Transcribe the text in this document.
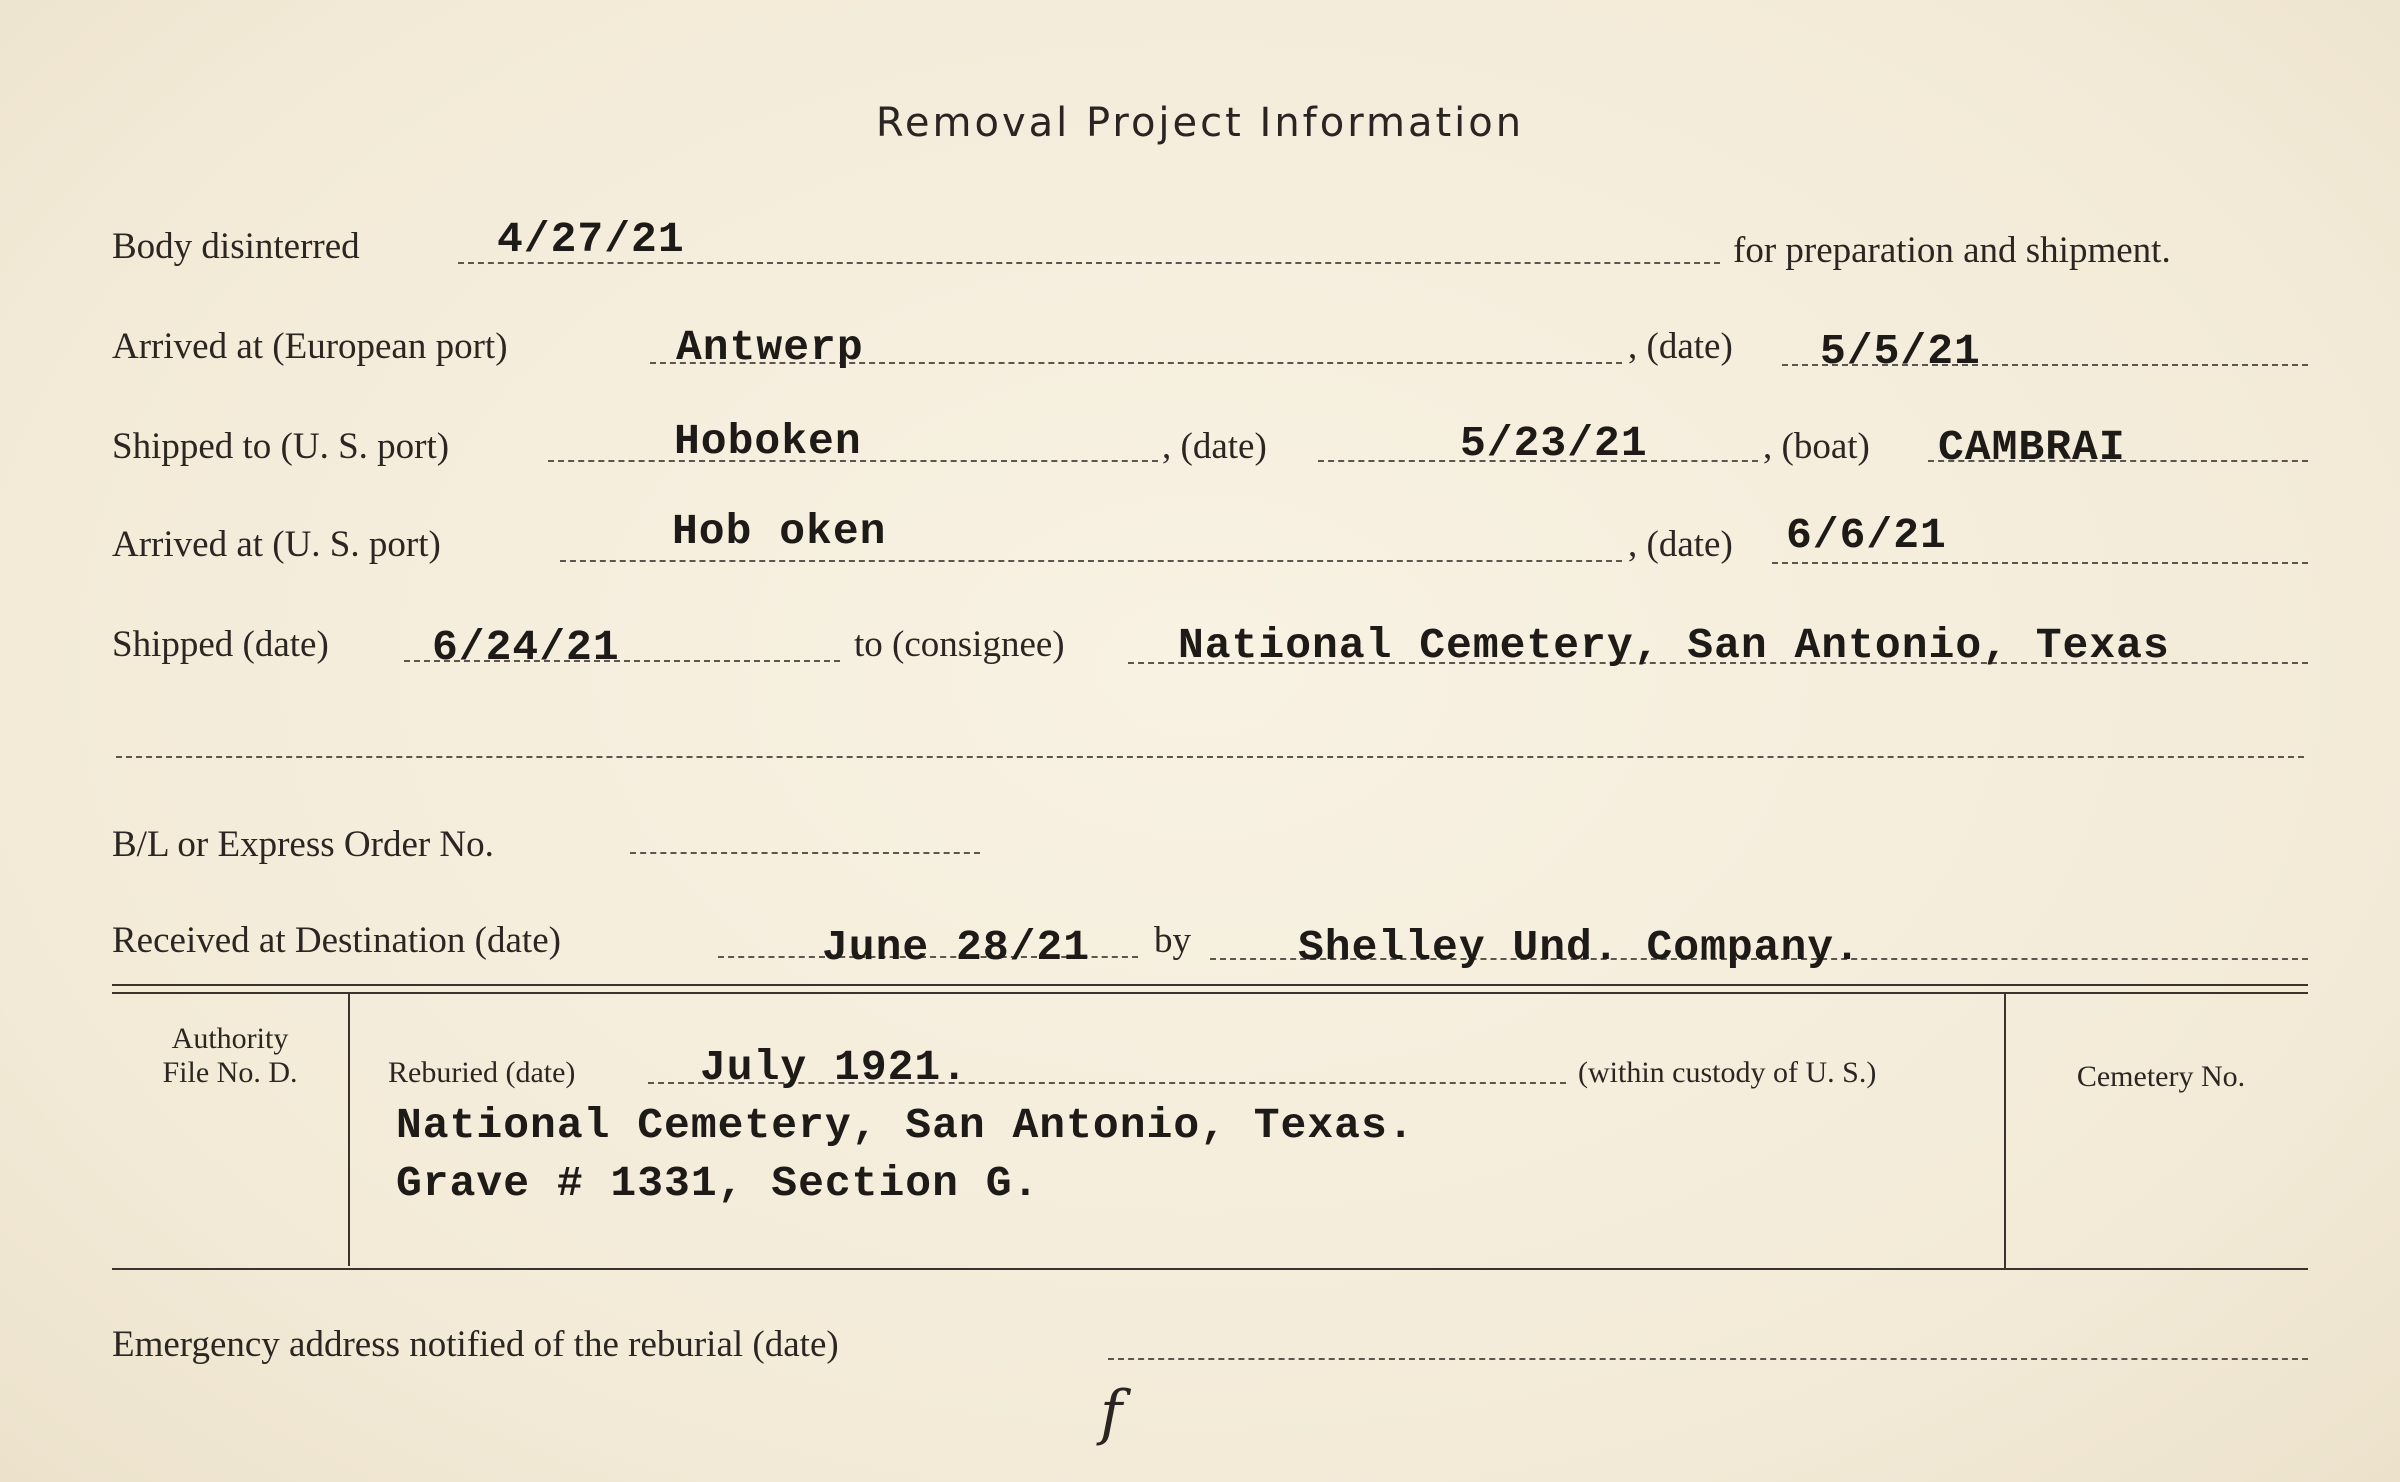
Removal Project Information
Body disinterred	4/27/21	for preparation and shipment.
Arrived at (European port)	Antwerp	, (date) 5/5/21
Shipped to (U. S. port)	Hoboken	, (date)	5/23/21	, (boat) CAMBRAI
Arrived at (U. S. port)	Hob oken	, (date) 6/6/21
Shipped (date) 6/24/21	to (consignee)	National Cemetery, San Antonio, Texas
B/L or Express Order No.
Received at Destination (date)	June 28/21 by Shelley Und. Company.
Authority
File No. D.	Reburied (date)	July 1921.	(within custody of U. S.)
National Cemetery, San Antonio, Texas.
Grave # 1331, Section G.
Cemetery No.
Emergency address notified of the reburial (date)
f
